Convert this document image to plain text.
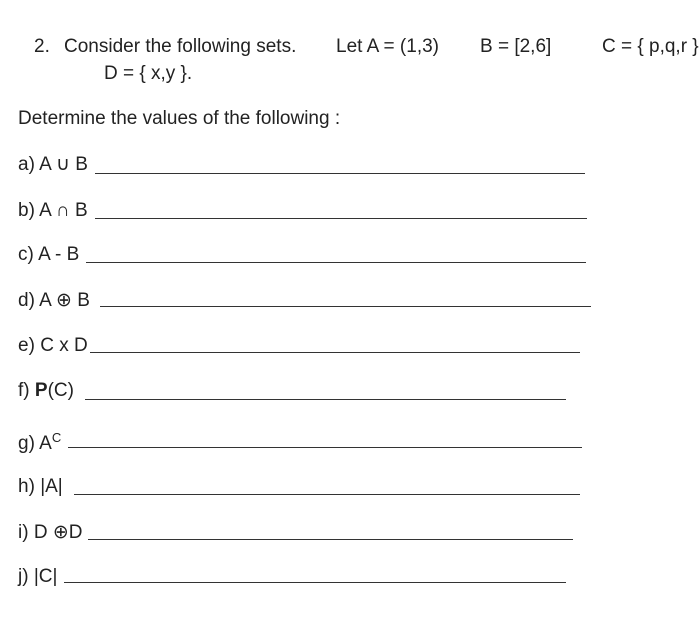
2. Consider the following sets. Let A = (1,3) B = [2,6]	C = { p,q,r }
D = { x,y }.
Determine the values of the following :
a) A ∪ B
b) A ∩ B
c) A - B
d) A ⊕ B
e) C x D
f) P(C)
g) $A^C$
h) |A|
i) D ⊕D
j) |C|
